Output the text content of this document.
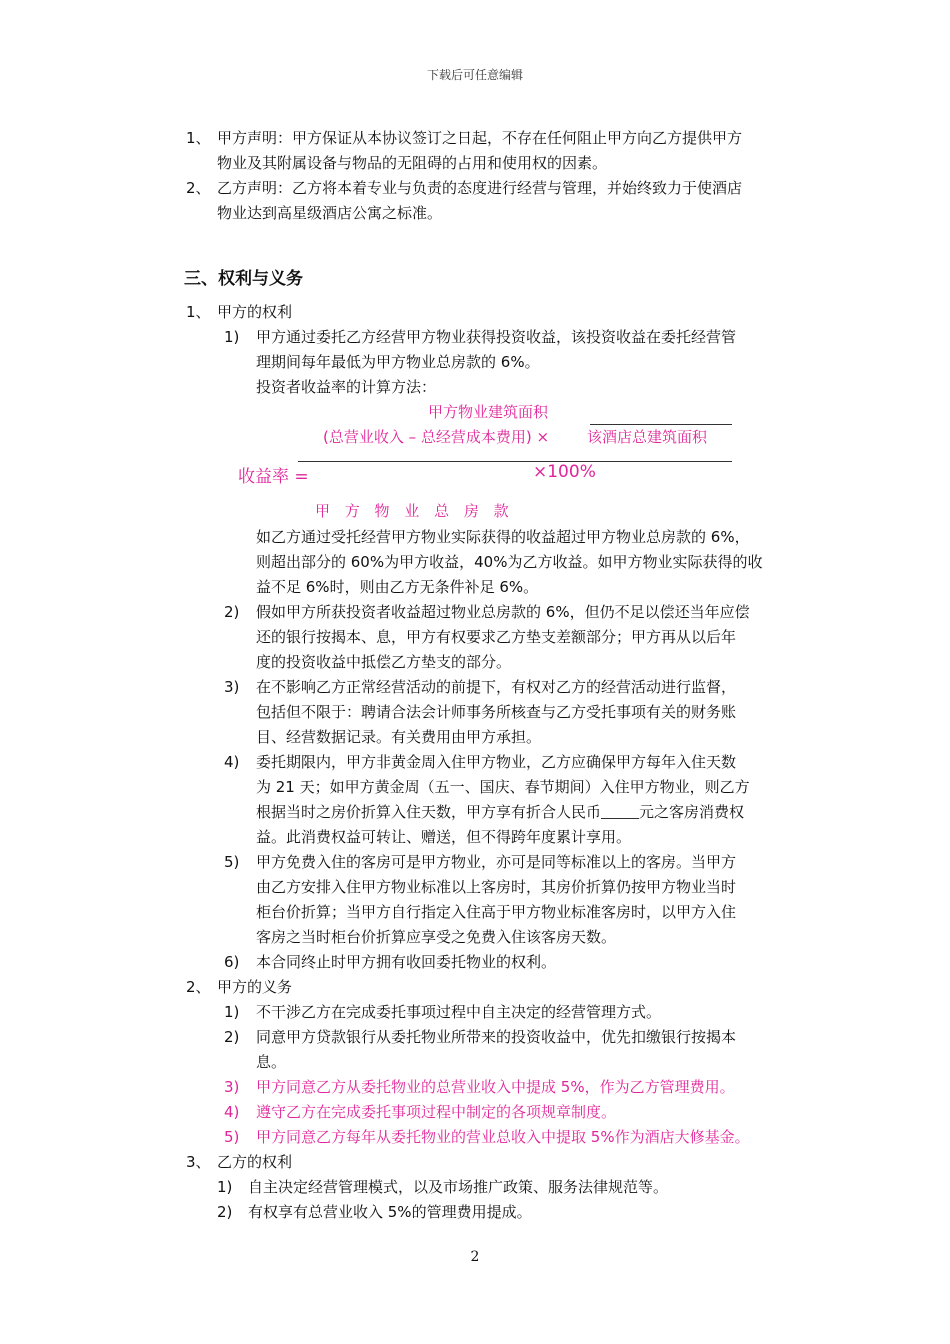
下载后可任意编辑
1、 甲方声明：甲方保证从本协议签订之日起，不存在任何阻止甲方向乙方提供甲方
物业及其附属设备与物品的无阻碍的占用和使用权的因素。
2、 乙方声明：乙方将本着专业与负责的态度进行经营与管理，并始终致力于使酒店
物业达到高星级酒店公寓之标准。
三、权利与义务
1、 甲方的权利
1) 甲方通过委托乙方经营甲方物业获得投资收益，该投资收益在委托经营管
理期间每年最低为甲方物业总房款的 6%。
投资者收益率的计算方法：
甲方物业建筑面积
(总营业收入 – 总经营成本费用) ×	该酒店总建筑面积
收益率 =	×100%
甲 方 物 业 总 房 款
如乙方通过受托经营甲方物业实际获得的收益超过甲方物业总房款的 6%，
则超出部分的 60%为甲方收益，40%为乙方收益。如甲方物业实际获得的收
益不足 6%时，则由乙方无条件补足 6%。
2) 假如甲方所获投资者收益超过物业总房款的 6%，但仍不足以偿还当年应偿
还的银行按揭本、息，甲方有权要求乙方垫支差额部分；甲方再从以后年
度的投资收益中抵偿乙方垫支的部分。
3) 在不影响乙方正常经营活动的前提下，有权对乙方的经营活动进行监督，
包括但不限于：聘请合法会计师事务所核查与乙方受托事项有关的财务账
目、经营数据记录。有关费用由甲方承担。
4) 委托期限内，甲方非黄金周入住甲方物业，乙方应确保甲方每年入住天数
为 21 天；如甲方黄金周（五一、国庆、春节期间）入住甲方物业，则乙方
根据当时之房价折算入住天数，甲方享有折合人民币	元之客房消费权
益。此消费权益可转让、赠送，但不得跨年度累计享用。
5) 甲方免费入住的客房可是甲方物业，亦可是同等标准以上的客房。当甲方
由乙方安排入住甲方物业标准以上客房时，其房价折算仍按甲方物业当时
柜台价折算；当甲方自行指定入住高于甲方物业标准客房时，以甲方入住
客房之当时柜台价折算应享受之免费入住该客房天数。
6) 本合同终止时甲方拥有收回委托物业的权利。
2、 甲方的义务
1) 不干涉乙方在完成委托事项过程中自主决定的经营管理方式。
2) 同意甲方贷款银行从委托物业所带来的投资收益中，优先扣缴银行按揭本
息。
3) 甲方同意乙方从委托物业的总营业收入中提成 5%，作为乙方管理费用。
4) 遵守乙方在完成委托事项过程中制定的各项规章制度。
5) 甲方同意乙方每年从委托物业的营业总收入中提取 5%作为酒店大修基金。
3、 乙方的权利
1) 自主决定经营管理模式，以及市场推广政策、服务法律规范等。
2) 有权享有总营业收入 5%的管理费用提成。
2
